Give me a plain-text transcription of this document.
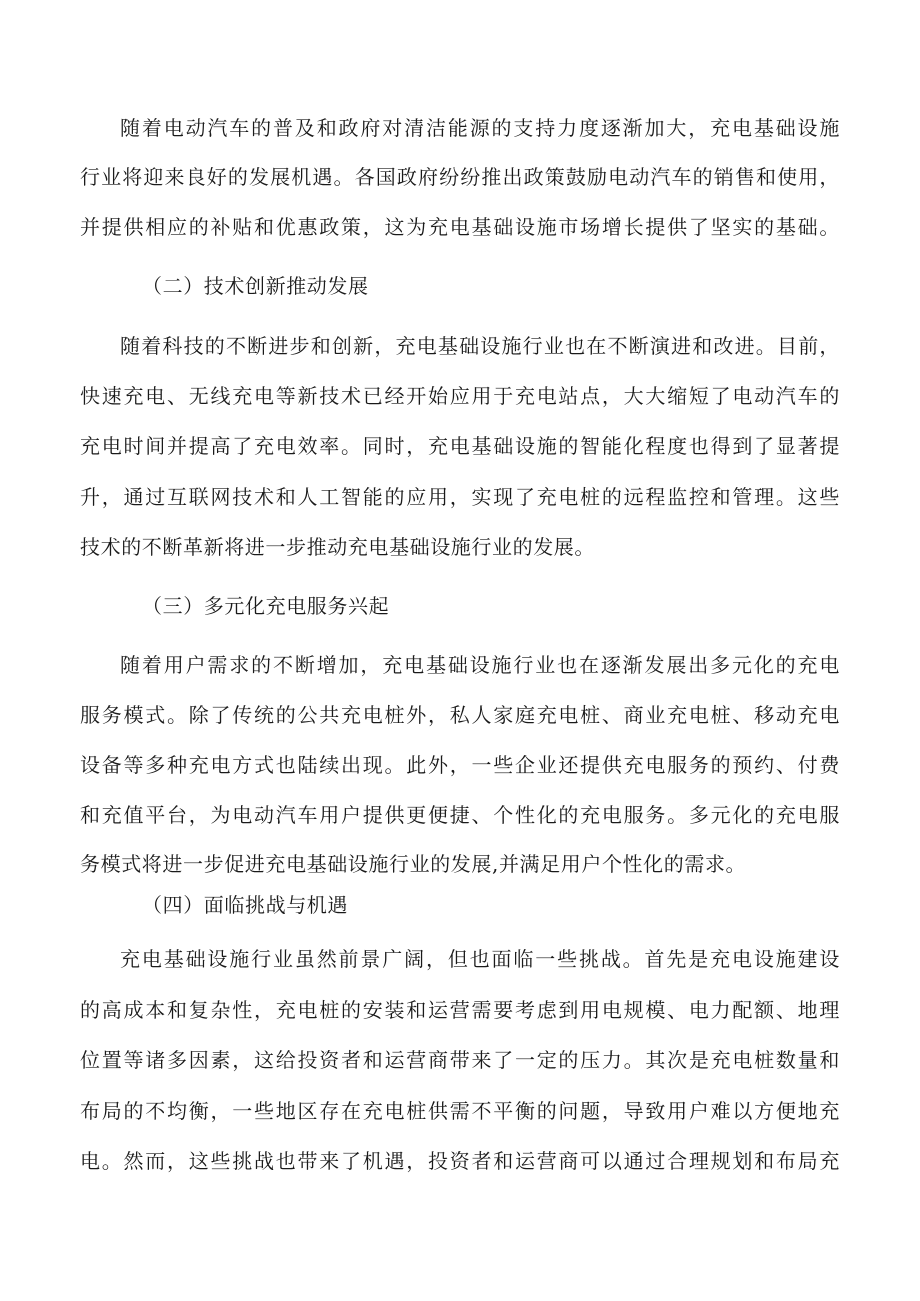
随着电动汽车的普及和政府对清洁能源的支持力度逐渐加大，充电基础设施
行业将迎来良好的发展机遇。各国政府纷纷推出政策鼓励电动汽车的销售和使用，
并提供相应的补贴和优惠政策，这为充电基础设施市场增长提供了坚实的基础。
（二）技术创新推动发展
随着科技的不断进步和创新，充电基础设施行业也在不断演进和改进。目前，
快速充电、无线充电等新技术已经开始应用于充电站点，大大缩短了电动汽车的
充电时间并提高了充电效率。同时，充电基础设施的智能化程度也得到了显著提
升，通过互联网技术和人工智能的应用，实现了充电桩的远程监控和管理。这些
技术的不断革新将进一步推动充电基础设施行业的发展。
（三）多元化充电服务兴起
随着用户需求的不断增加，充电基础设施行业也在逐渐发展出多元化的充电
服务模式。除了传统的公共充电桩外，私人家庭充电桩、商业充电桩、移动充电
设备等多种充电方式也陆续出现。此外，一些企业还提供充电服务的预约、付费
和充值平台，为电动汽车用户提供更便捷、个性化的充电服务。多元化的充电服
务模式将进一步促进充电基础设施行业的发展,并满足用户个性化的需求。
（四）面临挑战与机遇
充电基础设施行业虽然前景广阔，但也面临一些挑战。首先是充电设施建设
的高成本和复杂性，充电桩的安装和运营需要考虑到用电规模、电力配额、地理
位置等诸多因素，这给投资者和运营商带来了一定的压力。其次是充电桩数量和
布局的不均衡，一些地区存在充电桩供需不平衡的问题，导致用户难以方便地充
电。然而，这些挑战也带来了机遇，投资者和运营商可以通过合理规划和布局充
